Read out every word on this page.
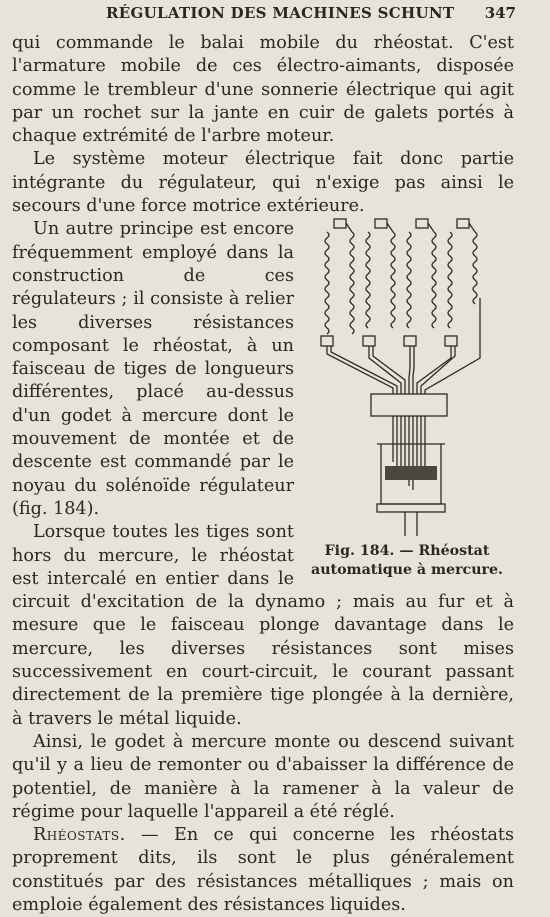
RÉGULATION DES MACHINES SCHUNT 347

qui commande le balai mobile du rhéostat. C'est l'armature mobile de ces électro-aimants, disposée comme le trembleur d'une sonnerie électrique qui agit par un rochet sur la jante en cuir de galets portés à chaque extrémité de l'arbre moteur.

Le système moteur électrique fait donc partie intégrante du régulateur, qui n'exige pas ainsi le secours d'une force motrice extérieure.

Fig. 184. — Rhéostat
automatique à mercure.

Un autre principe est encore fréquemment employé dans la construction de ces régulateurs ; il consiste à relier les diverses résistances composant le rhéostat, à un faisceau de tiges de longueurs différentes, placé au-dessus d'un godet à mercure dont le mouvement de montée et de descente est commandé par le noyau du solénoïde régulateur (fig. 184).

Lorsque toutes les tiges sont hors du mercure, le rhéostat est intercalé en entier dans le circuit d'excitation de la dynamo ; mais au fur et à mesure que le faisceau plonge davantage dans le mercure, les diverses résistances sont mises successivement en court-circuit, le courant passant directement de la première tige plongée à la dernière, à travers le métal liquide.

Ainsi, le godet à mercure monte ou descend suivant qu'il y a lieu de remonter ou d'abaisser la différence de potentiel, de manière à la ramener à la valeur de régime pour laquelle l'appareil a été réglé.

Rhéostats. — En ce qui concerne les rhéostats proprement dits, ils sont le plus généralement constitués par des résistances métalliques ; mais on emploie également des résistances liquides.
